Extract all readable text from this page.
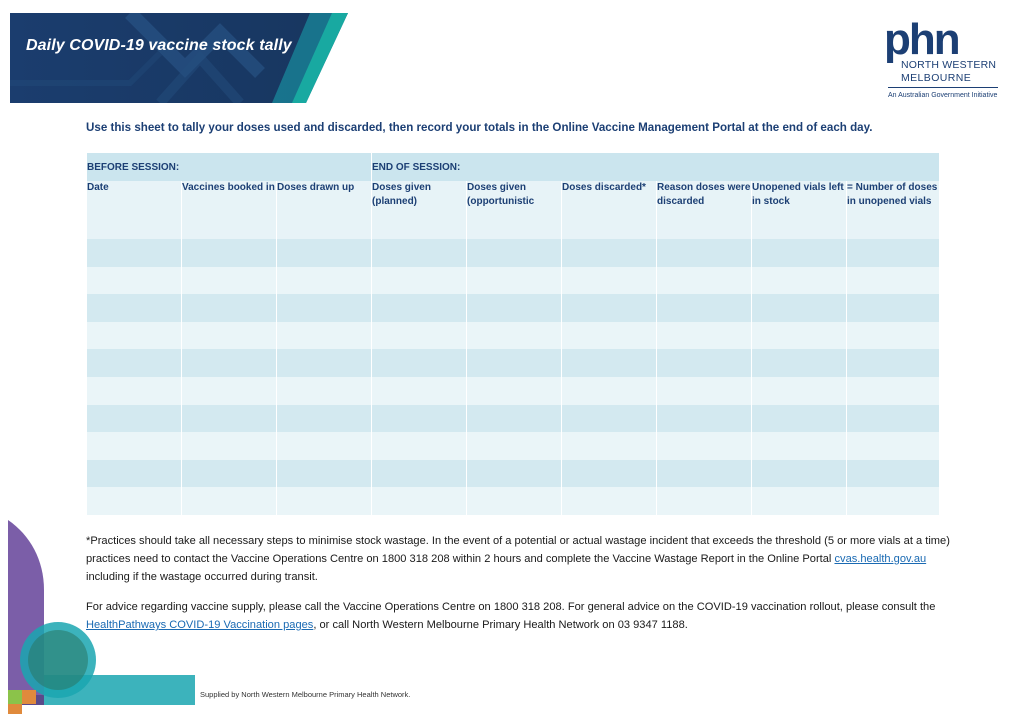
Daily COVID-19 vaccine stock tally	phn
NORTH WESTERN
MELBOURNE
An Australian Government Initiative
Use this sheet to tally your doses used and discarded, then record your totals in the Online Vaccine Management Portal at the end of each day.
BEFORE SESSION:			END OF SESSION:					
Date	Vaccines booked in	Doses drawn up	Doses given (planned)	Doses given (opportunistic	Doses discarded*	Reason doses were discarded	Unopened vials left in stock	= Number of doses in unopened vials

*Practices should take all necessary steps to minimise stock wastage. In the event of a potential or actual wastage incident that exceeds the threshold (5 or more vials at a time) practices need to contact the Vaccine Operations Centre on 1800 318 208 within 2 hours and complete the Vaccine Wastage Report in the Online Portal cvas.health.gov.au including if the wastage occurred during transit.
For advice regarding vaccine supply, please call the Vaccine Operations Centre on 1800 318 208. For general advice on the COVID-19 vaccination rollout, please consult the HealthPathways COVID-19 Vaccination pages, or call North Western Melbourne Primary Health Network on 03 9347 1188.
Supplied by North Western Melbourne Primary Health Network.
